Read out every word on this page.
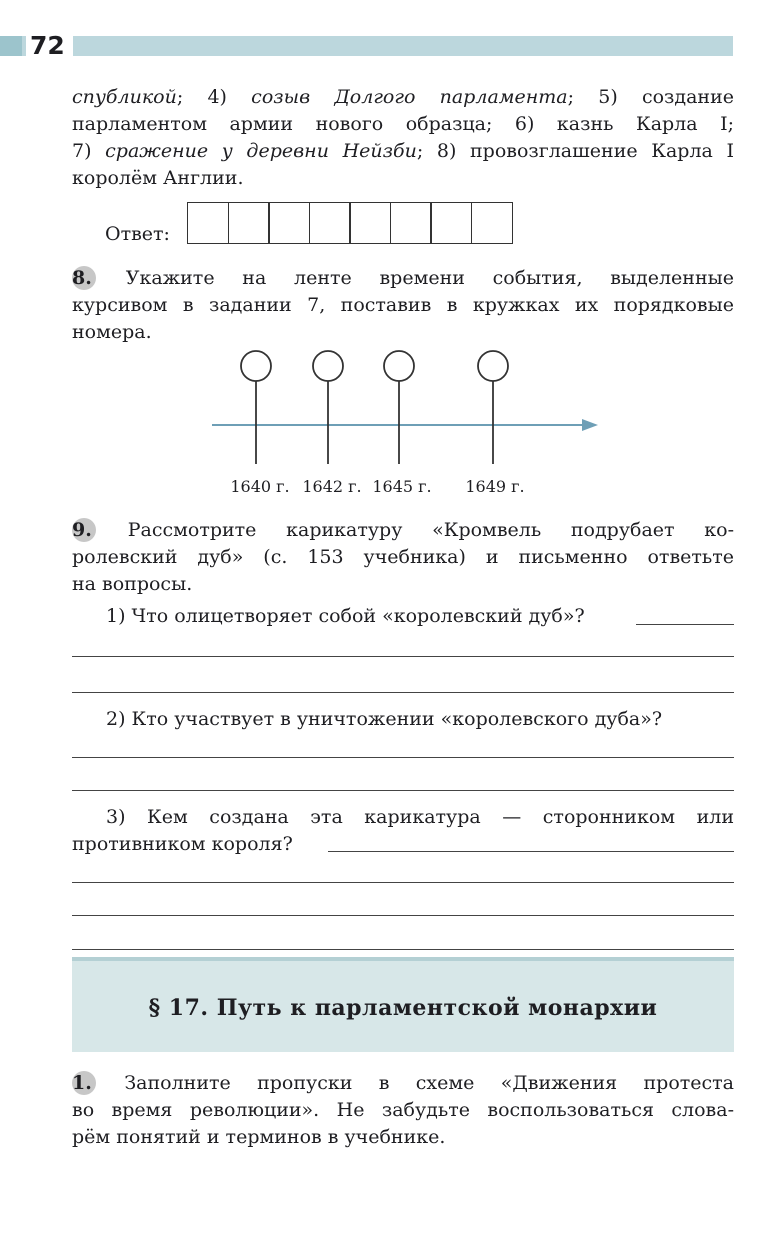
72
спубликой; 4) созыв Долгого парламента; 5) создание
парламентом армии нового образца; 6) казнь Карла I;
7) сражение у деревни Нейзби; 8) провозглашение Карла I
королём Англии.
Ответ:
8. Укажите на ленте времени события, выделенные
курсивом в задании 7, поставив в кружках их порядковые
номера.
1640 г. 1642 г. 1645 г. 1649 г.
9. Рассмотрите карикатуру «Кромвель подрубает ко-
ролевский дуб» (с. 153 учебника) и письменно ответьте
на вопросы.
1) Что олицетворяет собой «королевский дуб»?
2) Кто участвует в уничтожении «королевского дуба»?
3) Кем создана эта карикатура — сторонником или
противником короля?
§ 17. Путь к парламентской монархии
1. Заполните пропуски в схеме «Движения протеста
во время революции». Не забудьте воспользоваться слова-
рём понятий и терминов в учебнике.
